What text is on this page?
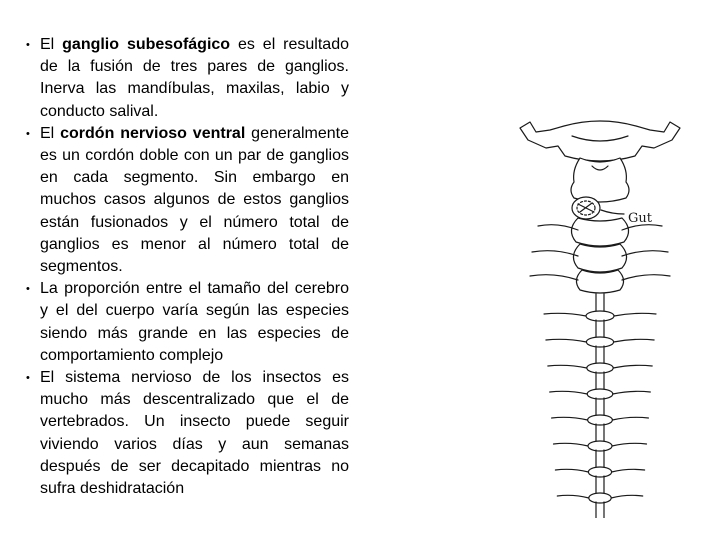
• El ganglio subesofágico es el resultado de la fusión de tres pares de ganglios. Inerva las mandíbulas, maxilas, labio y conducto salival.
• El cordón nervioso ventral generalmente es un cordón doble con un par de ganglios en cada segmento. Sin embargo en muchos casos algunos de estos ganglios están fusionados y el número total de ganglios es menor al número total de segmentos.
• La proporción entre el tamaño del cerebro y el del cuerpo varía según las especies siendo más grande en las especies de comportamiento complejo
• El sistema nervioso de los insectos es mucho más descentralizado que el de vertebrados. Un insecto puede seguir viviendo varios días y aun semanas después de ser decapitado mientras no sufra deshidratación
Gut
